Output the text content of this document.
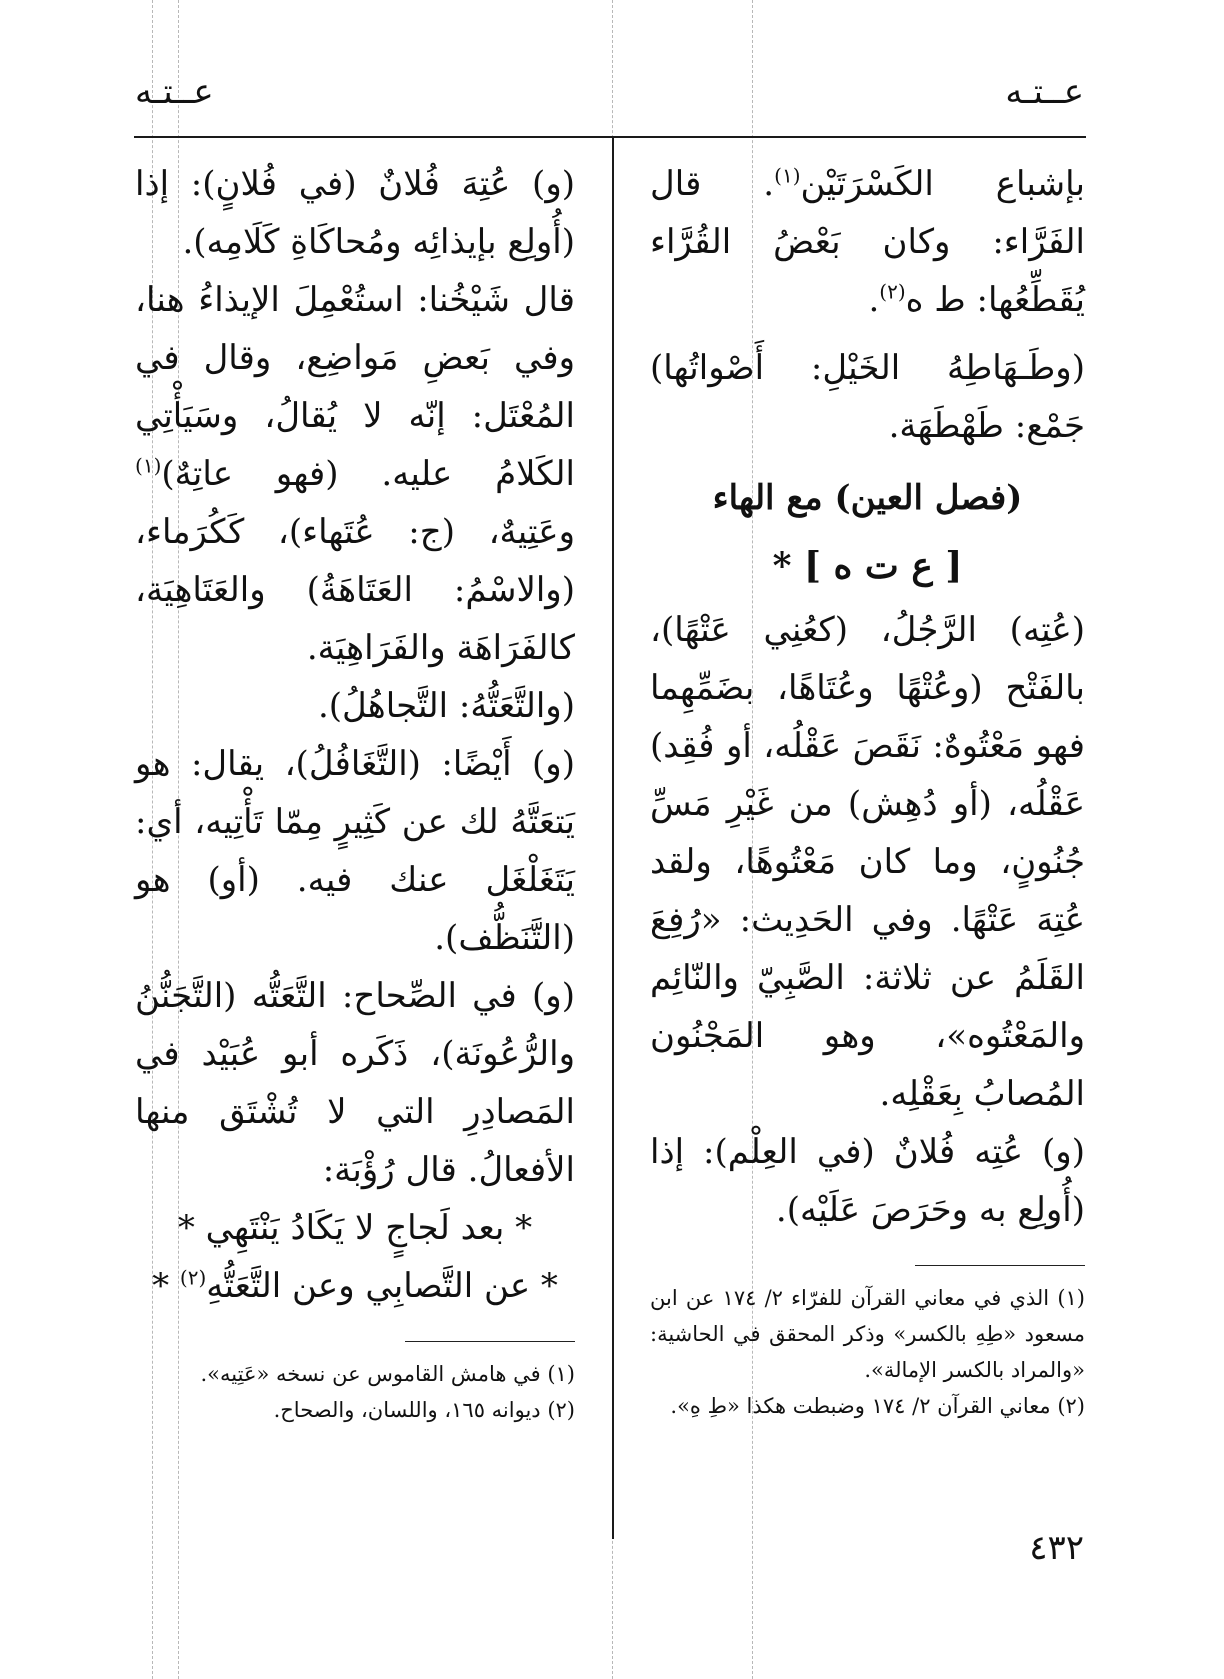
عــتـه
عــتـه

بإشباع الكَسْرَتَيْن$^{(١)}$. قال الفَرَّاء: وكان بَعْضُ القُرَّاء يُقَطِّعُها: ط ه$^{(٢)}$.

(وطَـهَاطِهُ الخَيْلِ: أَصْواتُها) جَمْع: طَهْطَهَة.

(فصل العين) مع الهاء
[ ع ت ه ] *

(عُتِه) الرَّجُلُ، (كعُنِي عَتْهًا)، بالفَتْح (وعُتْهًا وعُتَاهًا، بضَمِّهِما فهو مَعْتُوهٌ: نَقَصَ عَقْلُه، أو فُقِد) عَقْلُه، (أو دُهِش) من غَيْرِ مَسِّ جُنُونٍ، وما كان مَعْتُوهًا، ولقد عُتِهَ عَتْهًا. وفي الحَدِيث: «رُفِعَ القَلَمُ عن ثلاثة: الصَّبِيّ والنّائِم والمَعْتُوه»، وهو المَجْنُون المُصابُ بِعَقْلِه.

(و) عُتِه فُلانٌ (في العِلْم): إذا (أُولِع به وحَرَصَ عَلَيْه).

(١) الذي في معاني القرآن للفرّاء ٢/ ١٧٤ عن ابن مسعود «طِهِ بالكسر» وذكر المحقق في الحاشية: «والمراد بالكسر الإمالة».

(٢) معاني القرآن ٢/ ١٧٤ وضبطت هكذا «طِ هِ».

(و) عُتِهَ فُلانٌ (في فُلانٍ): إذا (أُولِع بإيذائِه ومُحاكَاةِ كَلَامِه).

قال شَيْخُنا: استُعْمِلَ الإيذاءُ هنا، وفي بَعضِ مَواضِع، وقال في المُعْتَل: إنّه لا يُقالُ، وسَيَأْتِي الكَلامُ عليه. (فهو عاتِهٌ)$^{(١)}$ وعَتِيهٌ، (ج: عُتَهاء)، كَكُرَماء، (والاسْمُ: العَتَاهَةُ) والعَتَاهِيَة، كالفَرَاهَة والفَرَاهِيَة.

(والتَّعَتُّهُ: التَّجاهُلُ).

(و) أَيْضًا: (التَّغَافُلُ)، يقال: هو يَتعَتَّهُ لك عن كَثِيرٍ مِمّا تَأْتِيه، أي: يَتَغَلْغَل عنك فيه. (أو) هو (التَّنَظُّف).

(و) في الصِّحاح: التَّعَتُّه (التَّجَنُّنُ والرُّعُونَة)، ذَكَره أبو عُبَيْد في المَصادِرِ التي لا تُشْتَق منها الأفعالُ. قال رُؤْبَة:

* بعد لَجاجٍ لا يَكَادُ يَنْتَهِي *

* عن التَّصابِي وعن التَّعَتُّهِ$^{(٢)}$ *

(١) في هامش القاموس عن نسخه «عَتِيه».

(٢) ديوانه ١٦٥، واللسان، والصحاح.

٤٣٢
